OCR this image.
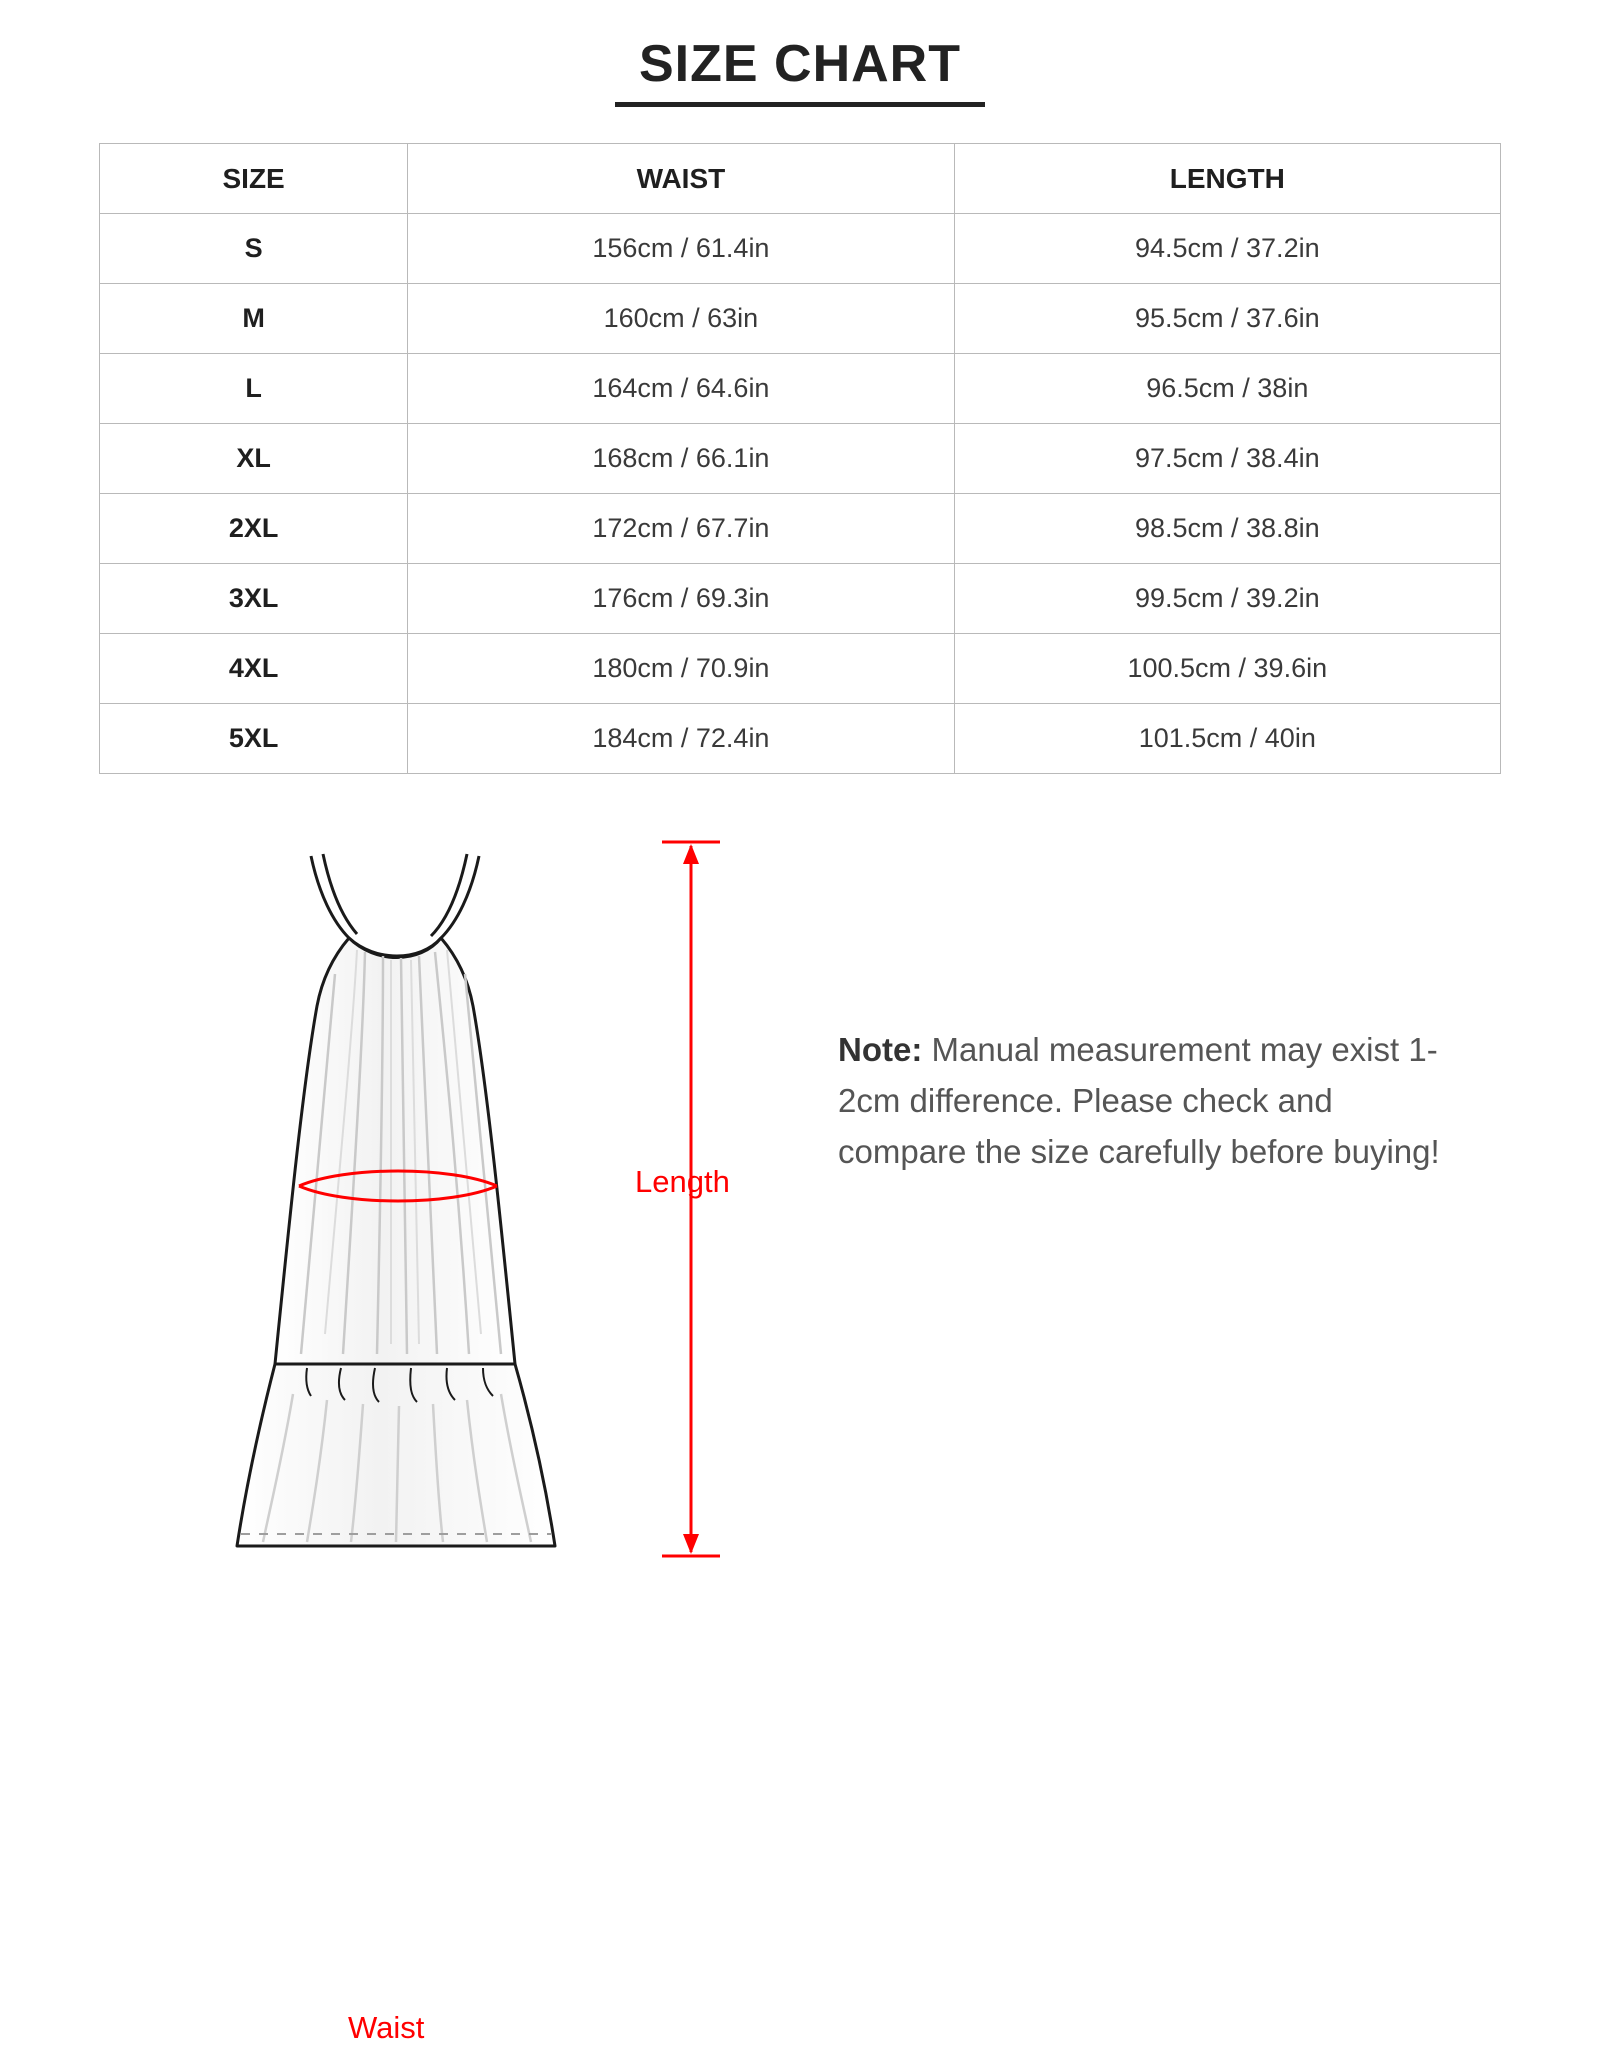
SIZE CHART
SIZE	WAIST	LENGTH
S	156cm / 61.4in	94.5cm / 37.2in
M	160cm / 63in	95.5cm / 37.6in
L	164cm / 64.6in	96.5cm / 38in
XL	168cm / 66.1in	97.5cm / 38.4in
2XL	172cm / 67.7in	98.5cm / 38.8in
3XL	176cm / 69.3in	99.5cm / 39.2in
4XL	180cm / 70.9in	100.5cm / 39.6in
5XL	184cm / 72.4in	101.5cm / 40in
Waist
Length
Note: Manual measurement may exist 1-2cm difference. Please check and compare the size carefully before buying!
